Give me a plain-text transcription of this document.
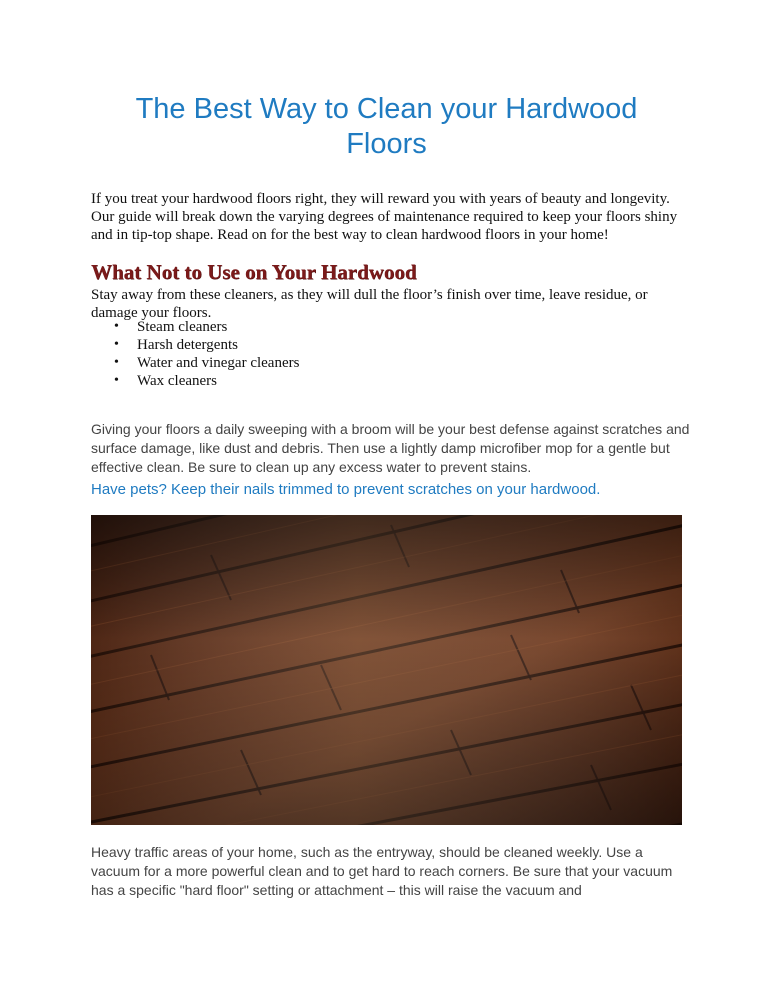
The Best Way to Clean your Hardwood
Floors
If you treat your hardwood floors right, they will reward you with years of beauty and longevity. Our guide will break down the varying degrees of maintenance required to keep your floors shiny and in tip-top shape. Read on for the best way to clean hardwood floors in your home!
What Not to Use on Your Hardwood
Stay away from these cleaners, as they will dull the floor’s finish over time, leave residue, or damage your floors.
• Steam cleaners
• Harsh detergents
• Water and vinegar cleaners
• Wax cleaners
Giving your floors a daily sweeping with a broom will be your best defense against scratches and surface damage, like dust and debris. Then use a lightly damp microfiber mop for a gentle but effective clean. Be sure to clean up any excess water to prevent stains.
Have pets? Keep their nails trimmed to prevent scratches on your hardwood.
Heavy traffic areas of your home, such as the entryway, should be cleaned weekly. Use a vacuum for a more powerful clean and to get hard to reach corners. Be sure that your vacuum has a specific "hard floor" setting or attachment – this will raise the vacuum and
